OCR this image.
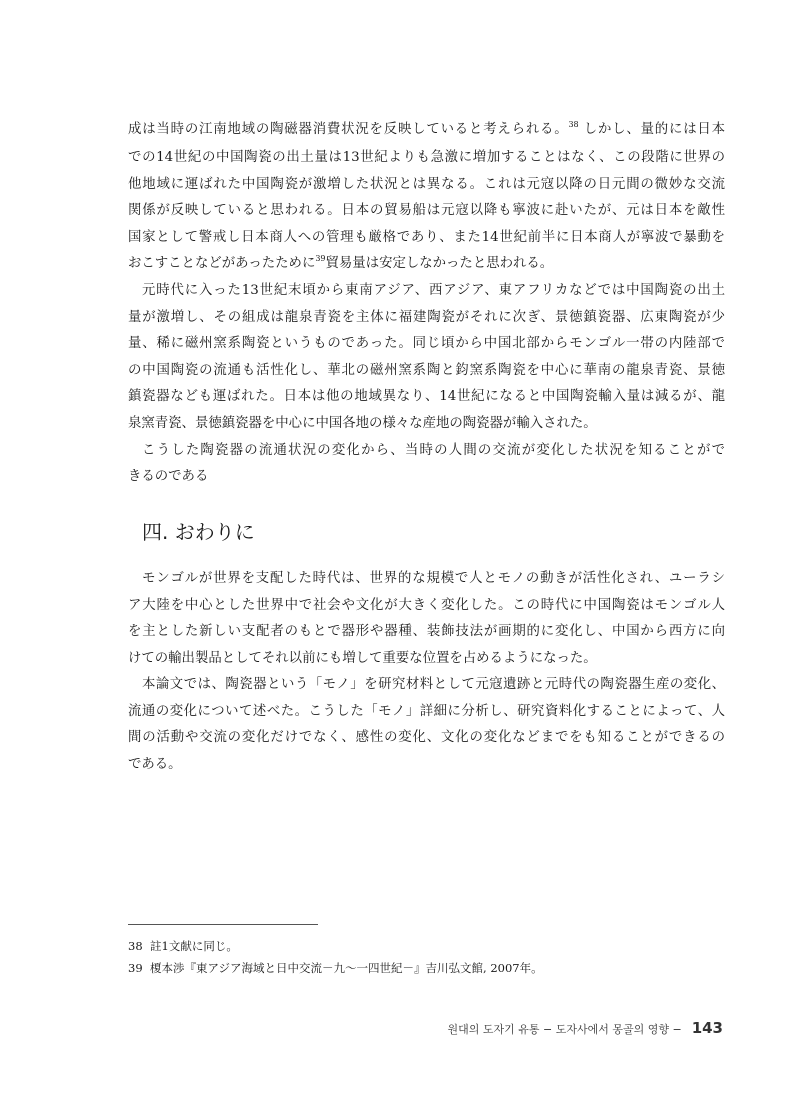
成は当時の江南地域の陶磁器消費状況を反映していると考えられる。$^{38}$ しかし、量的には日本
での14世紀の中国陶瓷の出土量は13世紀よりも急激に増加することはなく、この段階に世界の
他地域に運ばれた中国陶瓷が激増した状況とは異なる。これは元寇以降の日元間の微妙な交流
関係が反映していると思われる。日本の貿易船は元寇以降も寧波に赴いたが、元は日本を敵性
国家として警戒し日本商人への管理も厳格であり、また14世紀前半に日本商人が寧波で暴動を
おこすことなどがあったために$^{39}$貿易量は安定しなかったと思われる。
元時代に入った13世紀末頃から東南アジア、西アジア、東アフリカなどでは中国陶瓷の出土
量が激増し、その組成は龍泉青瓷を主体に福建陶瓷がそれに次ぎ、景徳鎮瓷器、広東陶瓷が少
量、稀に磁州窯系陶瓷というものであった。同じ頃から中国北部からモンゴル一帯の内陸部で
の中国陶瓷の流通も活性化し、華北の磁州窯系陶と鈞窯系陶瓷を中心に華南の龍泉青瓷、景徳
鎮瓷器なども運ばれた。日本は他の地域異なり、14世紀になると中国陶瓷輸入量は減るが、龍
泉窯青瓷、景徳鎮瓷器を中心に中国各地の様々な産地の陶瓷器が輸入された。
こうした陶瓷器の流通状況の変化から、当時の人間の交流が変化した状況を知ることがで
きるのである
四. おわりに
モンゴルが世界を支配した時代は、世界的な規模で人とモノの動きが活性化され、ユーラシ
ア大陸を中心とした世界中で社会や文化が大きく変化した。この時代に中国陶瓷はモンゴル人
を主とした新しい支配者のもとで器形や器種、装飾技法が画期的に変化し、中国から西方に向
けての輸出製品としてそれ以前にも増して重要な位置を占めるようになった。
本論文では、陶瓷器という「モノ」を研究材料として元寇遺跡と元時代の陶瓷器生産の変化、
流通の変化について述べた。こうした「モノ」詳細に分析し、研究資料化することによって、人
間の活動や交流の変化だけでなく、感性の変化、文化の変化などまでをも知ることができるの
である。
38 註1文献に同じ。
39 榎本渉『東アジア海域と日中交流－九～一四世紀－』吉川弘文館, 2007年。
원대의 도자기 유통 − 도자사에서 몽골의 영향 − 143
